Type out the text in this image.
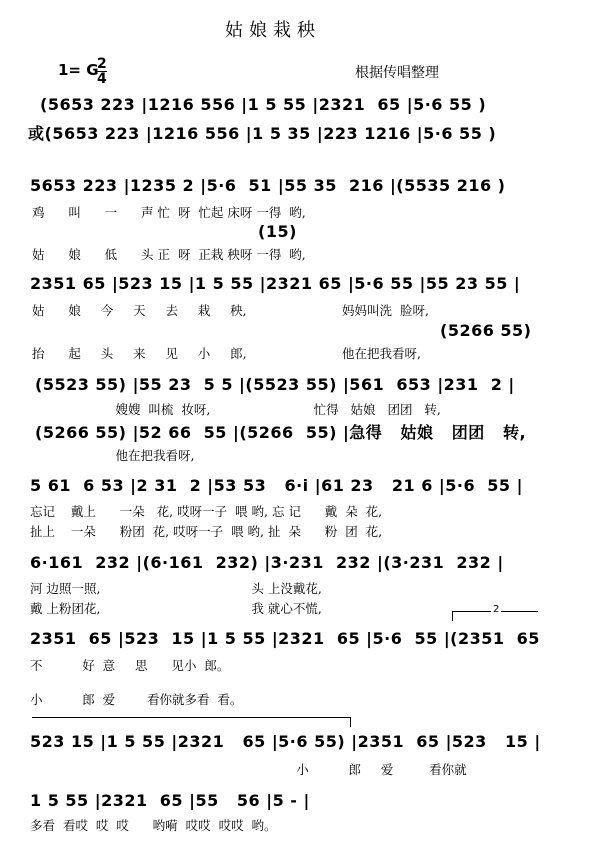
姑娘栽秧
1= G
2
4	根据传唱整理
(5653 223 |1216 556 |1 5 55 |2321  65 |5·6 55 )
或(5653 223 |1216 556 |1 5 35 |223 1216 |5·6 55 )
5653 223 |1235 2 |5·6  51 |55 35  216 |(5535 216 )
鸡      叫      一      声 忙  呀  忙起 床呀 一得  哟,
(15)
姑      娘      低      头 正  呀  正栽 秧呀 一得  哟,
2351 65 |523 15 |1 5 55 |2321 65 |5·6 55 |55 23 55 |
姑      娘     今     天     去     栽     秧,                        妈妈叫洗  脸呀,
(5266 55)
抬      起     头     来     见     小     郎,                        他在把我看呀,
(5523 55) |55 23  5 5 |(5523 55) |561  653 |231  2 |
嫂嫂  叫梳  妆呀,                          忙得   姑娘   团团   转,
(5266 55) |52 66  55 |(5266  55) |急得   姑娘   团团   转,
他在把我看呀,
5 61  6 53 |2 31  2 |53 53   6·i |61 23   21 6 |5·6  55 |
忘记    戴上      一朵   花, 哎呀一子  喂 哟, 忘 记      戴  朵  花,
扯上    一朵      粉团  花, 哎呀一子  喂 哟, 扯  朵      粉  团  花,
6·161  232 |(6·161  232) |3·231  232 |(3·231  232 |
河 边照一照,                                      头 上没戴花,
戴 上粉团花,                                      我 就心不慌,	2
2351  65 |523  15 |1 5 55 |2321  65 |5·6  55 |(2351  65
不          好  意     思      见小  郎。
小          郎  爱        看你就多看  看。
523 15 |1 5 55 |2321   65 |5·6 55) |2351  65 |523   15 |
小          郎     爱         看你就
1 5 55 |2321  65 |55   56 |5 - |
多看  看哎  哎  哎      哟嗬  哎哎  哎哎  哟。
